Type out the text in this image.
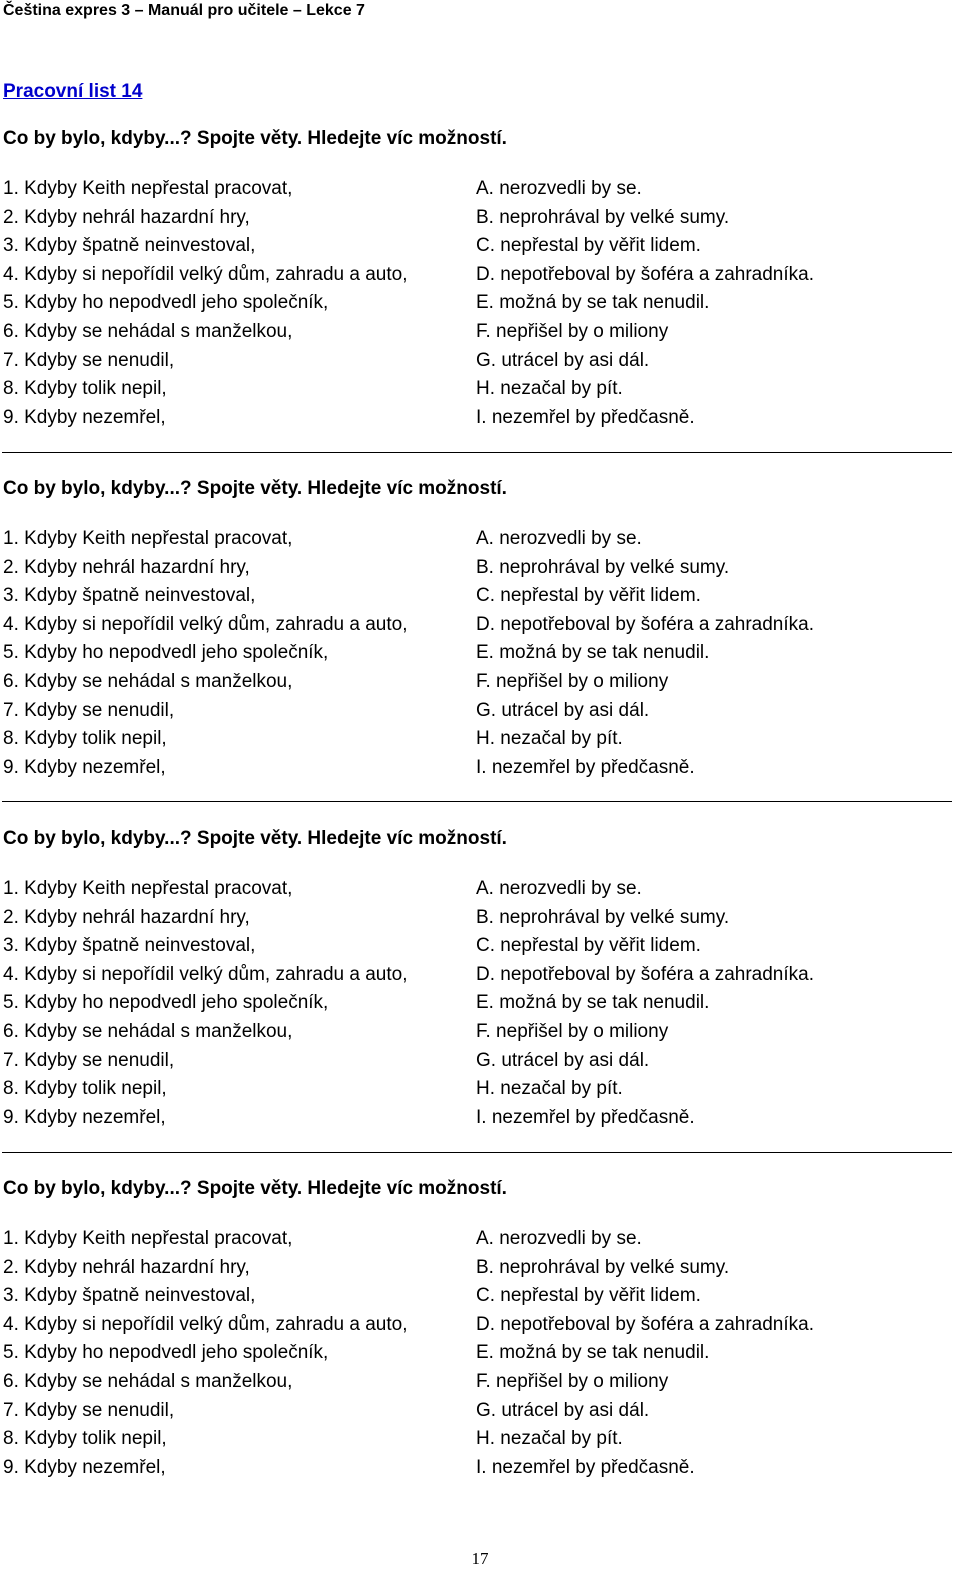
Čeština expres 3 – Manuál pro učitele – Lekce 7
Pracovní list 14
Co by bylo, kdyby...? Spojte věty. Hledejte víc možností.
1. Kdyby Keith nepřestal pracovat,
2. Kdyby nehrál hazardní hry,
3. Kdyby špatně neinvestoval,
4. Kdyby si nepořídil velký dům, zahradu a auto,
5. Kdyby ho nepodvedl jeho společník,
6. Kdyby se nehádal s manželkou,
7. Kdyby se nenudil,
8. Kdyby tolik nepil,
9. Kdyby nezemřel,
A. nerozvedli by se.
B. neprohrával by velké sumy.
C. nepřestal by věřit lidem.
D. nepotřeboval by šoféra a zahradníka.
E. možná by se tak nenudil.
F. nepřišel by o miliony
G. utrácel by asi dál.
H. nezačal by pít.
I. nezemřel by předčasně.
Co by bylo, kdyby...? Spojte věty. Hledejte víc možností.
1. Kdyby Keith nepřestal pracovat,
2. Kdyby nehrál hazardní hry,
3. Kdyby špatně neinvestoval,
4. Kdyby si nepořídil velký dům, zahradu a auto,
5. Kdyby ho nepodvedl jeho společník,
6. Kdyby se nehádal s manželkou,
7. Kdyby se nenudil,
8. Kdyby tolik nepil,
9. Kdyby nezemřel,
A. nerozvedli by se.
B. neprohrával by velké sumy.
C. nepřestal by věřit lidem.
D. nepotřeboval by šoféra a zahradníka.
E. možná by se tak nenudil.
F. nepřišel by o miliony
G. utrácel by asi dál.
H. nezačal by pít.
I. nezemřel by předčasně.
Co by bylo, kdyby...? Spojte věty. Hledejte víc možností.
1. Kdyby Keith nepřestal pracovat,
2. Kdyby nehrál hazardní hry,
3. Kdyby špatně neinvestoval,
4. Kdyby si nepořídil velký dům, zahradu a auto,
5. Kdyby ho nepodvedl jeho společník,
6. Kdyby se nehádal s manželkou,
7. Kdyby se nenudil,
8. Kdyby tolik nepil,
9. Kdyby nezemřel,
A. nerozvedli by se.
B. neprohrával by velké sumy.
C. nepřestal by věřit lidem.
D. nepotřeboval by šoféra a zahradníka.
E. možná by se tak nenudil.
F. nepřišel by o miliony
G. utrácel by asi dál.
H. nezačal by pít.
I. nezemřel by předčasně.
Co by bylo, kdyby...? Spojte věty. Hledejte víc možností.
1. Kdyby Keith nepřestal pracovat,
2. Kdyby nehrál hazardní hry,
3. Kdyby špatně neinvestoval,
4. Kdyby si nepořídil velký dům, zahradu a auto,
5. Kdyby ho nepodvedl jeho společník,
6. Kdyby se nehádal s manželkou,
7. Kdyby se nenudil,
8. Kdyby tolik nepil,
9. Kdyby nezemřel,
A. nerozvedli by se.
B. neprohrával by velké sumy.
C. nepřestal by věřit lidem.
D. nepotřeboval by šoféra a zahradníka.
E. možná by se tak nenudil.
F. nepřišel by o miliony
G. utrácel by asi dál.
H. nezačal by pít.
I. nezemřel by předčasně.
17
